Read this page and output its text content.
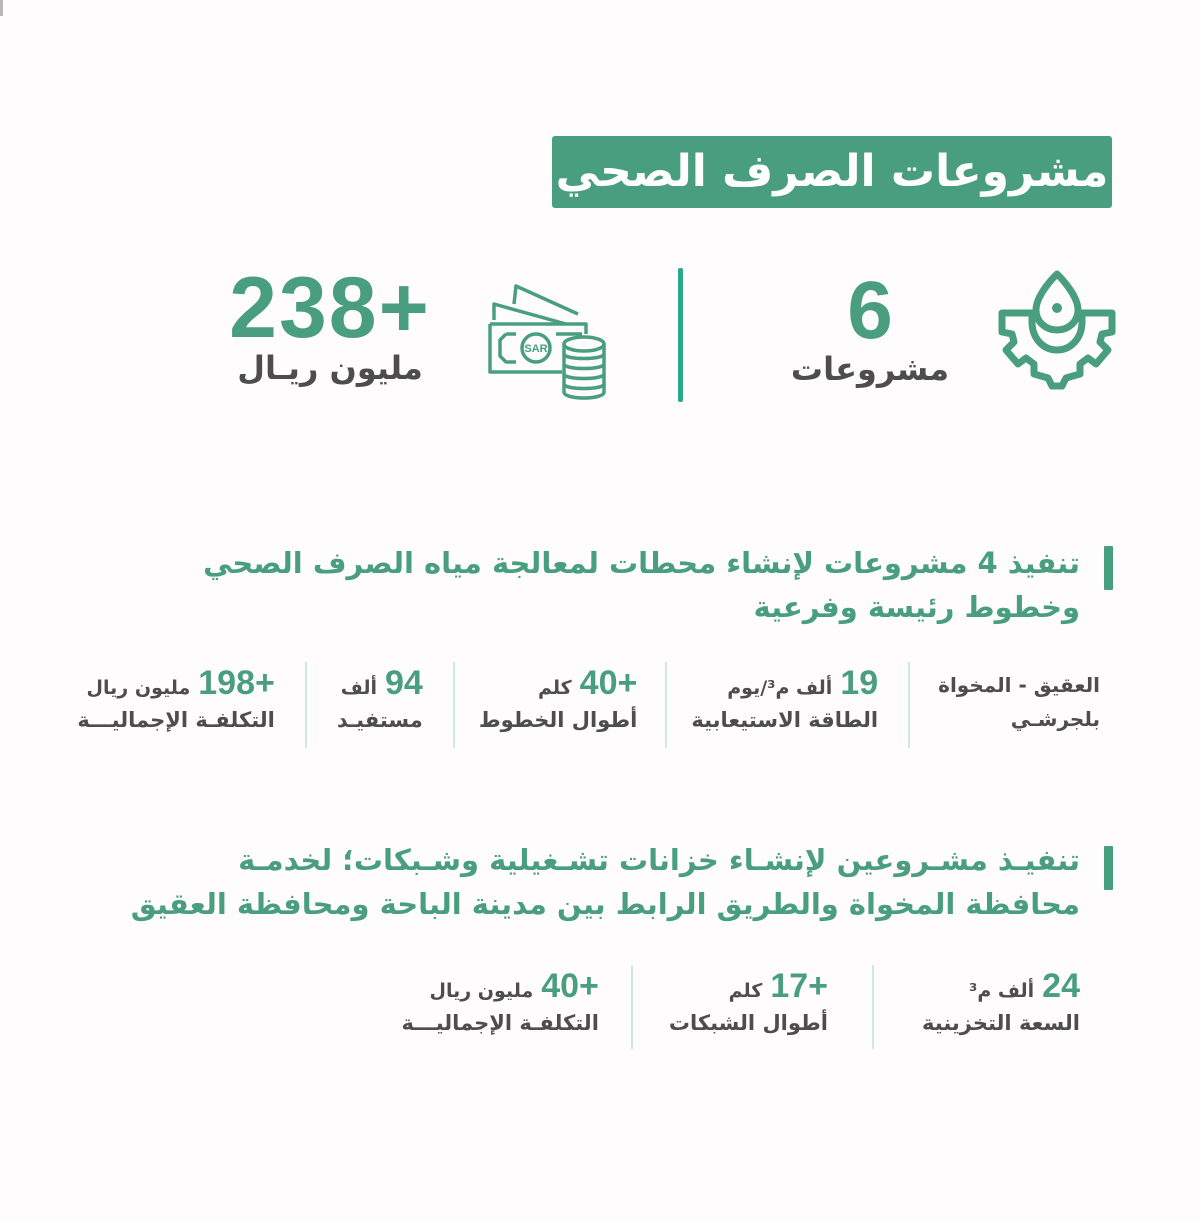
مشروعات الصرف الصحي
6
مشروعات
SAR
238+
مليون ريـال
تنفيذ 4 مشروعات لإنشاء محطات لمعالجة مياه الصرف الصحي وخطوط رئيسة وفرعية
العقيق - المخواة
بلجرشـي
19
ألف م³/يوم
الطاقة الاستيعابية
40+
كلم
أطوال الخطوط
94
ألف
مستفيـد
198+
مليون ريال
التكلفـة الإجماليـــة
تنفيـذ مشـروعين لإنشـاء خزانات تشـغيلية وشـبكات؛ لخدمـة محافظة المخواة والطريق الرابط بين مدينة الباحة ومحافظة العقيق
24
ألف م³
السعة التخزينية
17+
كلم
أطوال الشبكات
40+
مليون ريال
التكلفـة الإجماليـــة
